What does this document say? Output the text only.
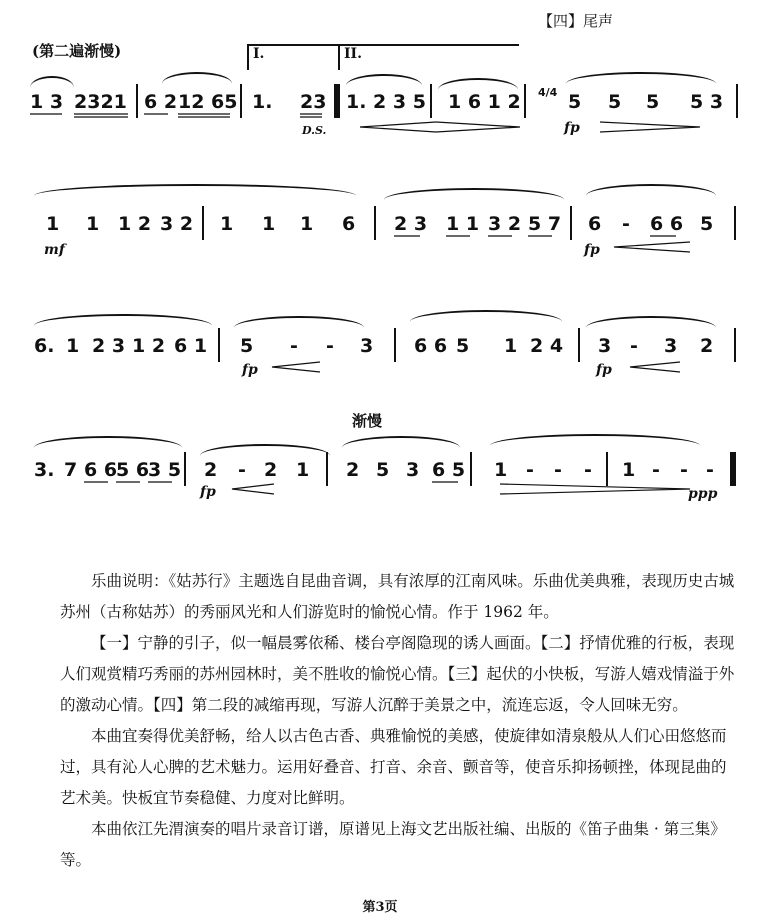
【四】尾声
(第二遍渐慢)	I.	II.
1 3 2321 6 2 12 65 1. 23
D.S.
1. 2 3 5 1 6 1 2 4/4 5 5 5 5 3
fp
1 1 1 2 3 2 1 1 1 6 2 3 1 1 3 2 5 7 6 - 6 6 5
mf	fp
6. 1 2 3 1 2 6 1 5 - - 3 6 6 5 1 2 4 3 - 3 2
fp	fp
渐慢
3. 7 6 6
5 6
3 5 2 - 2 1 2 5 3 6 5 1 - - - 1 - - -
fp	ppp

乐曲说明：《姑苏行》主题选自昆曲音调，具有浓厚的江南风味。乐曲优美典雅，表现历史古城苏州（古称姑苏）的秀丽风光和人们游览时的愉悦心情。作于 1962 年。

【一】宁静的引子，似一幅晨雾依稀、楼台亭阁隐现的诱人画面。【二】抒情优雅的行板，表现人们观赏精巧秀丽的苏州园林时，美不胜收的愉悦心情。【三】起伏的小快板，写游人嬉戏情溢于外的激动心情。【四】第二段的减缩再现，写游人沉醉于美景之中，流连忘返，令人回味无穷。

本曲宜奏得优美舒畅，给人以古色古香、典雅愉悦的美感，使旋律如清泉般从人们心田悠悠而过，具有沁人心脾的艺术魅力。运用好叠音、打音、余音、颤音等，使音乐抑扬顿挫，体现昆曲的艺术美。快板宜节奏稳健、力度对比鲜明。

本曲依江先渭演奏的唱片录音订谱，原谱见上海文艺出版社编、出版的《笛子曲集 · 第三集》等。

第3页
